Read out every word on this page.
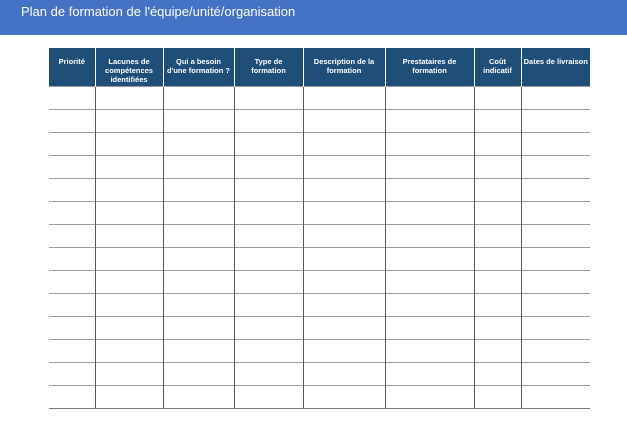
Plan de formation de l'équipe/unité/organisation
Priorité	Lacunes de compétences identifiées	Qui a besoin d'une formation ?	Type de formation	Description de la formation	Prestataires de formation	Coût indicatif	Dates de livraison
